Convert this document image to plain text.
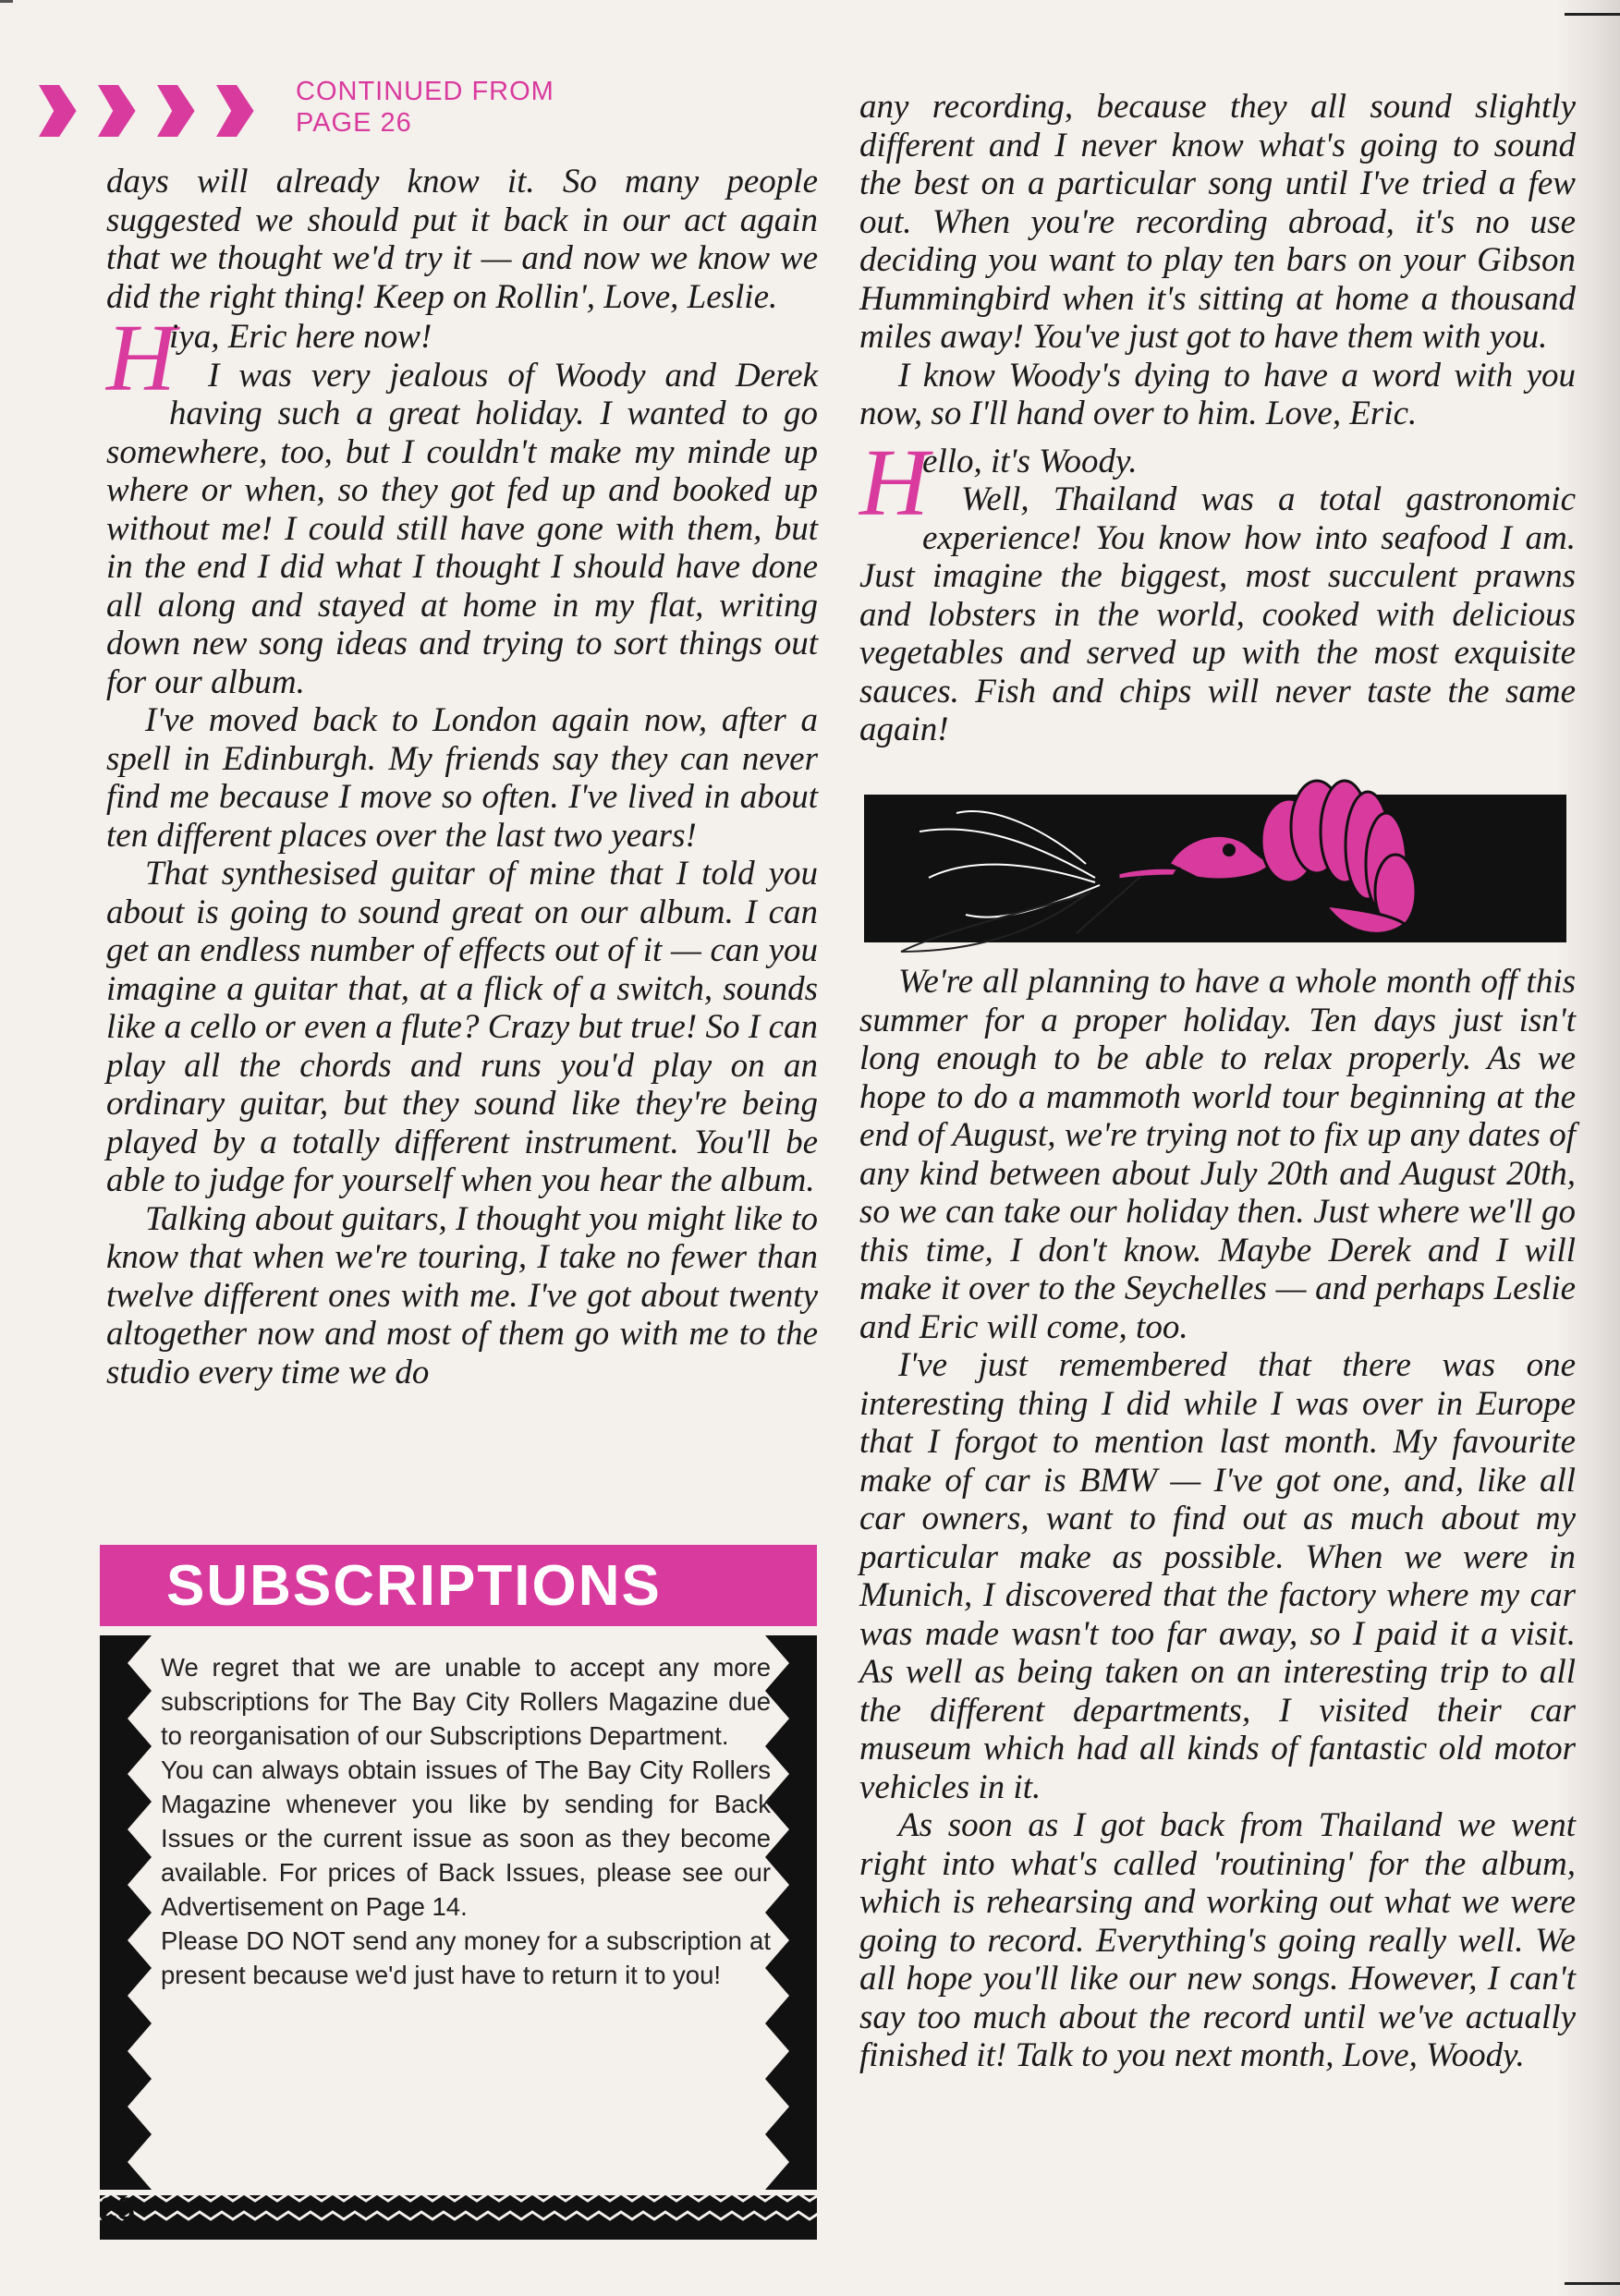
CONTINUED FROM
PAGE 26

days will already know it. So many people suggested we should put it back in our act again that we thought we'd try it — and now we know we did the right thing! Keep on Rollin', Love, Leslie.

H

iya, Eric here now!

I was very jealous of Woody and Derek having such a great holiday. I wanted to go somewhere, too, but I couldn't make my minde up where or when, so they got fed up and booked up without me! I could still have gone with them, but in the end I did what I thought I should have done all along and stayed at home in my flat, writing down new song ideas and trying to sort things out for our album.

I've moved back to London again now, after a spell in Edinburgh. My friends say they can never find me because I move so often. I've lived in about ten different places over the last two years!

That synthesised guitar of mine that I told you about is going to sound great on our album. I can get an endless number of effects out of it — can you imagine a guitar that, at a flick of a switch, sounds like a cello or even a flute? Crazy but true! So I can play all the chords and runs you'd play on an ordinary guitar, but they sound like they're being played by a totally different instrument. You'll be able to judge for yourself when you hear the album.

Talking about guitars, I thought you might like to know that when we're touring, I take no fewer than twelve different ones with me. I've got about twenty altogether now and most of them go with me to the studio every time we do

any recording, because they all sound slightly different and I never know what's going to sound the best on a particular song until I've tried a few out. When you're recording abroad, it's no use deciding you want to play ten bars on your Gibson Hummingbird when it's sitting at home a thousand miles away! You've just got to have them with you.

I know Woody's dying to have a word with you now, so I'll hand over to him. Love, Eric.

H

ello, it's Woody.

Well, Thailand was a total gastronomic experience! You know how into seafood I am. Just imagine the biggest, most succulent prawns and lobsters in the world, cooked with delicious vegetables and served up with the most exquisite sauces. Fish and chips will never taste the same again!

We're all planning to have a whole month off this summer for a proper holiday. Ten days just isn't long enough to be able to relax properly. As we hope to do a mammoth world tour beginning at the end of August, we're trying not to fix up any dates of any kind between about July 20th and August 20th, so we can take our holiday then. Just where we'll go this time, I don't know. Maybe Derek and I will make it over to the Seychelles — and perhaps Leslie and Eric will come, too.

I've just remembered that there was one interesting thing I did while I was over in Europe that I forgot to mention last month. My favourite make of car is BMW — I've got one, and, like all car owners, want to find out as much about my particular make as possible. When we were in Munich, I discovered that the factory where my car was made wasn't too far away, so I paid it a visit. As well as being taken on an interesting trip to all the different departments, I visited their car museum which had all kinds of fantastic old motor vehicles in it.

As soon as I got back from Thailand we went right into what's called 'routining' for the album, which is rehearsing and working out what we were going to record. Everything's going really well. We all hope you'll like our new songs. However, I can't say too much about the record until we've actually finished it! Talk to you next month, Love, Woody.

SUBSCRIPTIONS

We regret that we are unable to accept any more subscriptions for The Bay City Rollers Magazine due to reorganisation of our Subscriptions Department.

You can always obtain issues of The Bay City Rollers Magazine whenever you like by sending for Back Issues or the current issue as soon as they become available. For prices of Back Issues, please see our Advertisement on Page 14.

Please DO NOT send any money for a subscription at present because we'd just have to return it to you!

28
